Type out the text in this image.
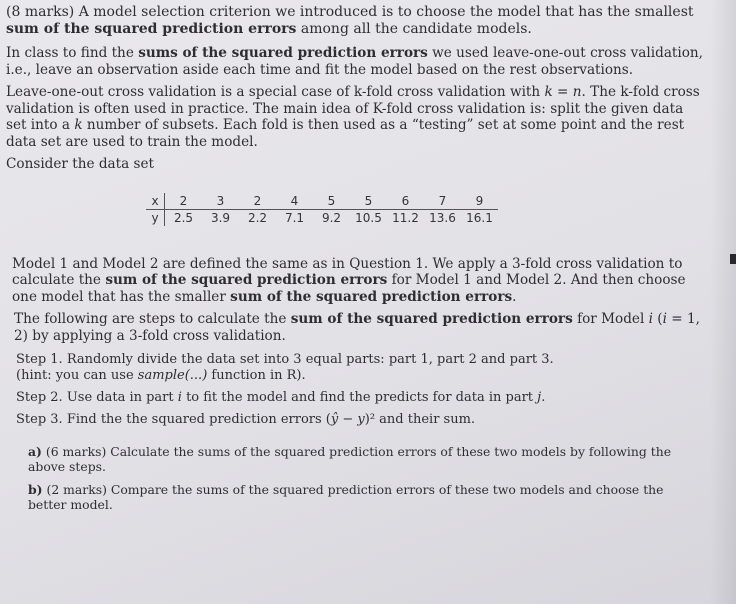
(8 marks) A model selection criterion we introduced is to choose the model that has the smallest sum of the squared prediction errors among all the candidate models.

In class to find the sums of the squared prediction errors we used leave-one-out cross validation, i.e., leave an observation aside each time and fit the model based on the rest observations.

Leave-one-out cross validation is a special case of k-fold cross validation with k = n. The k-fold cross validation is often used in practice. The main idea of K-fold cross validation is: split the given data set into a k number of subsets. Each fold is then used as a “testing” set at some point and the rest data set are used to train the model.

Consider the data set

x	2	3	2	4	5	5	6	7	9
y	2.5	3.9	2.2	7.1	9.2	10.5	11.2	13.6	16.1

Model 1 and Model 2 are defined the same as in Question 1. We apply a 3-fold cross validation to calculate the sum of the squared prediction errors for Model 1 and Model 2. And then choose one model that has the smaller sum of the squared prediction errors.

The following are steps to calculate the sum of the squared prediction errors for Model i (i = 1, 2) by applying a 3-fold cross validation.

Step 1. Randomly divide the data set into 3 equal parts: part 1, part 2 and part 3.
(hint: you can use sample(...) function in R).

Step 2. Use data in part i to fit the model and find the predicts for data in part j.

Step 3. Find the the squared prediction errors (ŷ − y)² and their sum.

a) (6 marks) Calculate the sums of the squared prediction errors of these two models by following the above steps.

b) (2 marks) Compare the sums of the squared prediction errors of these two models and choose the better model.
